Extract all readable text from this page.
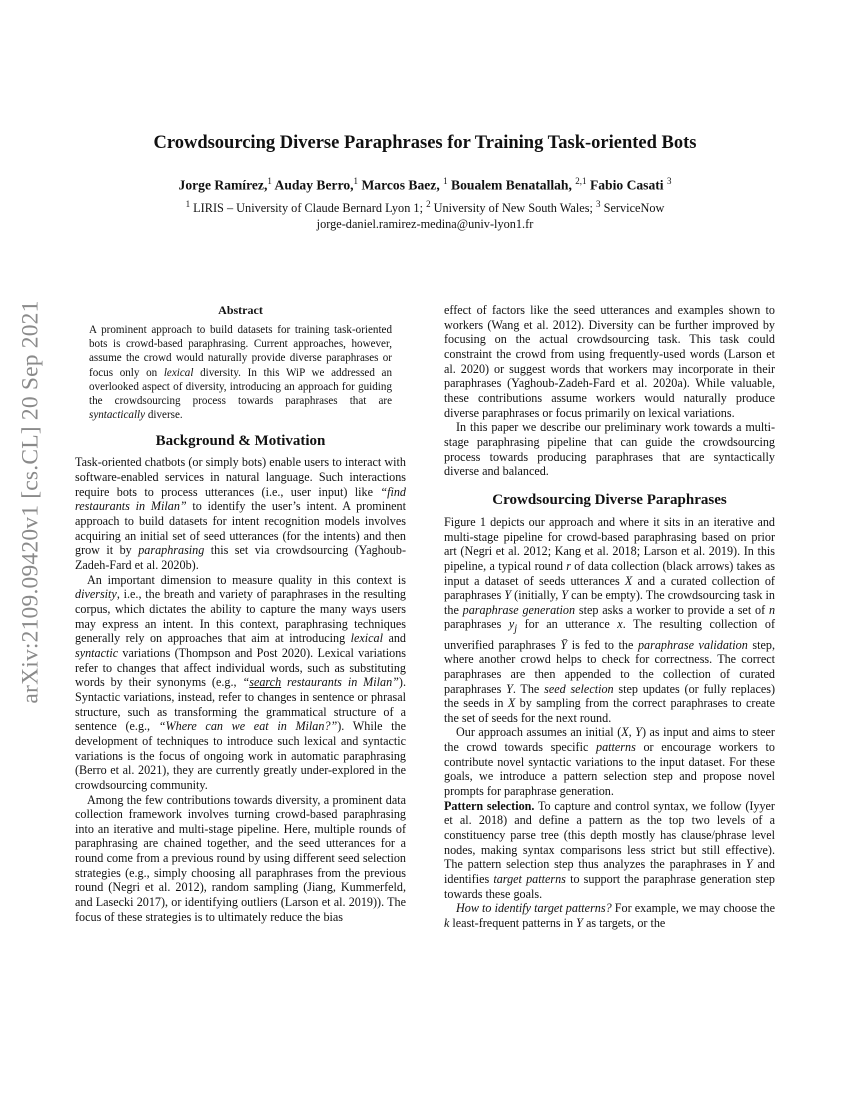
arXiv:2109.09420v1 [cs.CL] 20 Sep 2021
Crowdsourcing Diverse Paraphrases for Training Task-oriented Bots
Jorge Ramírez,$^1$ Auday Berro,$^1$ Marcos Baez, $^1$ Boualem Benatallah, $^{2,1}$ Fabio Casati $^3$
$^1$ LIRIS – University of Claude Bernard Lyon 1; $^2$ University of New South Wales; $^3$ ServiceNow
jorge-daniel.ramirez-medina@univ-lyon1.fr
Abstract
A prominent approach to build datasets for training task-oriented bots is crowd-based paraphrasing. Current approaches, however, assume the crowd would naturally provide diverse paraphrases or focus only on lexical diversity. In this WiP we addressed an overlooked aspect of diversity, introducing an approach for guiding the crowdsourcing process towards paraphrases that are syntactically diverse.
Background & Motivation

Task-oriented chatbots (or simply bots) enable users to interact with software-enabled services in natural language. Such interactions require bots to process utterances (i.e., user input) like “find restaurants in Milan” to identify the user’s intent. A prominent approach to build datasets for intent recognition models involves acquiring an initial set of seed utterances (for the intents) and then grow it by paraphrasing this set via crowdsourcing (Yaghoub-Zadeh-Fard et al. 2020b).

An important dimension to measure quality in this context is diversity, i.e., the breath and variety of paraphrases in the resulting corpus, which dictates the ability to capture the many ways users may express an intent. In this context, paraphrasing techniques generally rely on approaches that aim at introducing lexical and syntactic variations (Thompson and Post 2020). Lexical variations refer to changes that affect individual words, such as substituting words by their synonyms (e.g., “search restaurants in Milan”). Syntactic variations, instead, refer to changes in sentence or phrasal structure, such as transforming the grammatical structure of a sentence (e.g., “Where can we eat in Milan?”). While the development of techniques to introduce such lexical and syntactic variations is the focus of ongoing work in automatic paraphrasing (Berro et al. 2021), they are currently greatly under-explored in the crowdsourcing community.

Among the few contributions towards diversity, a prominent data collection framework involves turning crowd-based paraphrasing into an iterative and multi-stage pipeline. Here, multiple rounds of paraphrasing are chained together, and the seed utterances for a round come from a previous round by using different seed selection strategies (e.g., simply choosing all paraphrases from the previous round (Negri et al. 2012), random sampling (Jiang, Kummerfeld, and Lasecki 2017), or identifying outliers (Larson et al. 2019)). The focus of these strategies is to ultimately reduce the bias

effect of factors like the seed utterances and examples shown to workers (Wang et al. 2012). Diversity can be further improved by focusing on the actual crowdsourcing task. This task could constraint the crowd from using frequently-used words (Larson et al. 2020) or suggest words that workers may incorporate in their paraphrases (Yaghoub-Zadeh-Fard et al. 2020a). While valuable, these contributions assume workers would naturally produce diverse paraphrases or focus primarily on lexical variations.

In this paper we describe our preliminary work towards a multi-stage paraphrasing pipeline that can guide the crowdsourcing process towards producing paraphrases that are syntactically diverse and balanced.

Crowdsourcing Diverse Paraphrases

Figure 1 depicts our approach and where it sits in an iterative and multi-stage pipeline for crowd-based paraphrasing based on prior art (Negri et al. 2012; Kang et al. 2018; Larson et al. 2019). In this pipeline, a typical round r of data collection (black arrows) takes as input a dataset of seeds utterances X and a curated collection of paraphrases Y (initially, Y can be empty). The crowdsourcing task in the paraphrase generation step asks a worker to provide a set of n paraphrases $y_j$ for an utterance x. The resulting collection of unverified paraphrases Ȳ is fed to the paraphrase validation step, where another crowd helps to check for correctness. The correct paraphrases are then appended to the collection of curated paraphrases Y. The seed selection step updates (or fully replaces) the seeds in X by sampling from the correct paraphrases to create the set of seeds for the next round.

Our approach assumes an initial (X, Y) as input and aims to steer the crowd towards specific patterns or encourage workers to contribute novel syntactic variations to the input dataset. For these goals, we introduce a pattern selection step and propose novel prompts for paraphrase generation.

Pattern selection. To capture and control syntax, we follow (Iyyer et al. 2018) and define a pattern as the top two levels of a constituency parse tree (this depth mostly has clause/phrase level nodes, making syntax comparisons less strict but still effective). The pattern selection step thus analyzes the paraphrases in Y and identifies target patterns to support the paraphrase generation step towards these goals.

How to identify target patterns? For example, we may choose the k least-frequent patterns in Y as targets, or the
